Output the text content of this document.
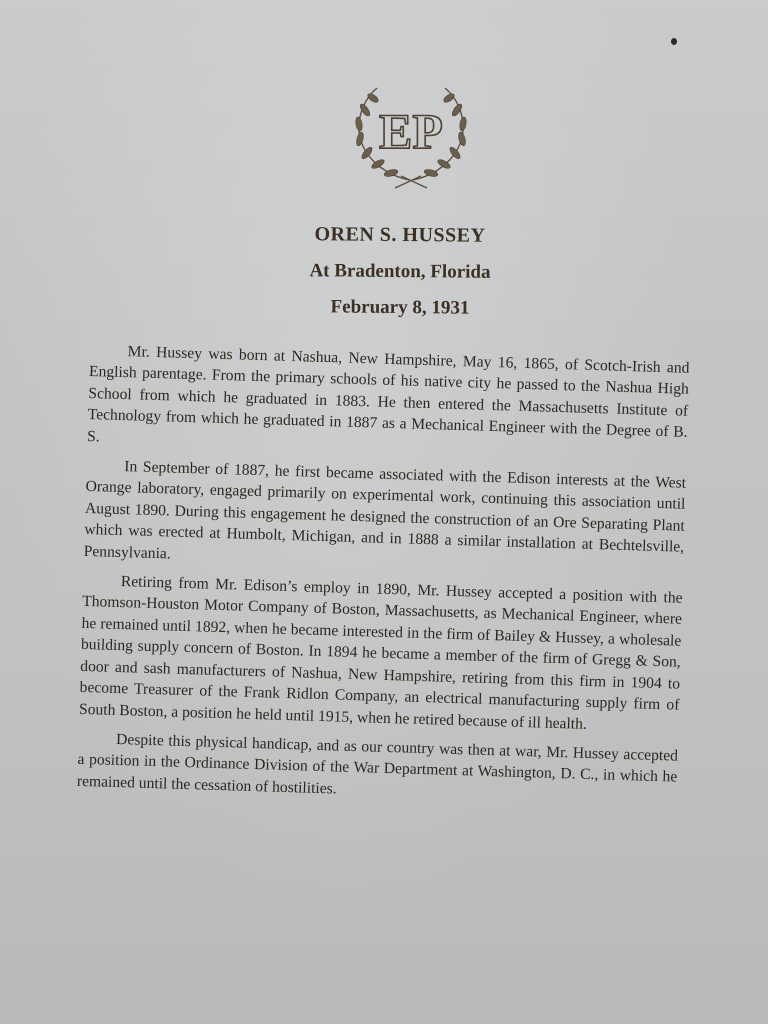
EP
OREN S. HUSSEY
At Bradenton, Florida
February 8, 1931

Mr. Hussey was born at Nashua, New Hampshire, May 16, 1865, of Scotch-Irish and English parentage. From the primary schools of his native city he passed to the Nashua High School from which he graduated in 1883. He then entered the Massachusetts Institute of Technology from which he graduated in 1887 as a Mechanical Engineer with the Degree of B. S.

In September of 1887, he first became associated with the Edison interests at the West Orange laboratory, engaged primarily on experimental work, continuing this association until August 1890. During this engagement he designed the construction of an Ore Separating Plant which was erected at Humbolt, Michigan, and in 1888 a similar installation at Bechtelsville, Pennsylvania.

Retiring from Mr. Edison’s employ in 1890, Mr. Hussey accepted a position with the Thomson-Houston Motor Company of Boston, Massachusetts, as Mechanical Engineer, where he remained until 1892, when he became interested in the firm of Bailey & Hussey, a wholesale building supply concern of Boston. In 1894 he became a member of the firm of Gregg & Son, door and sash manufacturers of Nashua, New Hampshire, retiring from this firm in 1904 to become Treasurer of the Frank Ridlon Company, an electrical manufacturing supply firm of South Boston, a position he held until 1915, when he retired because of ill health.

Despite this physical handicap, and as our country was then at war, Mr. Hussey accepted a position in the Ordinance Division of the War Department at Washington, D. C., in which he remained until the cessation of hostilities.
